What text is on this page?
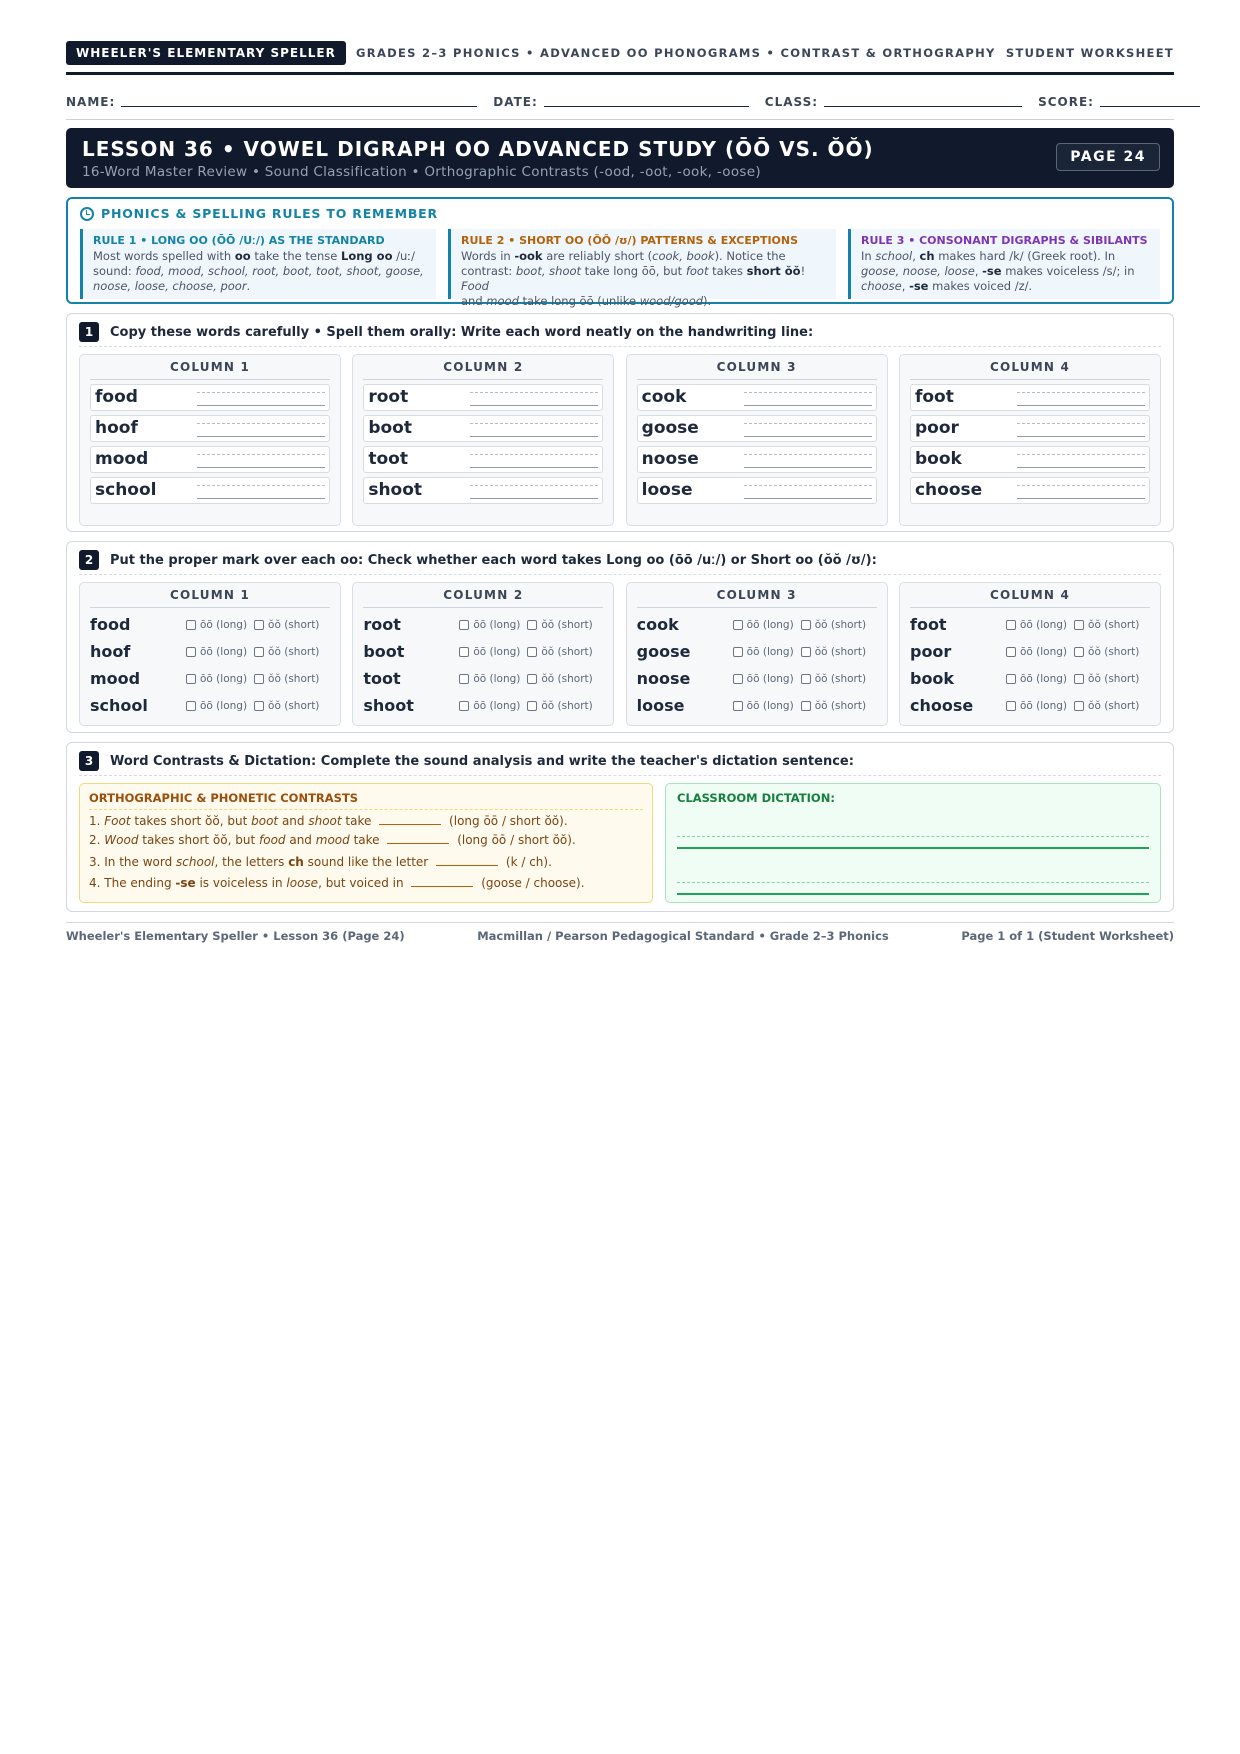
WHEELER'S ELEMENTARY SPELLER	GRADES 2–3 PHONICS • ADVANCED OO PHONOGRAMS • CONTRAST & ORTHOGRAPHY STUDENT WORKSHEET
NAME:	DATE:	CLASS:	SCORE:
LESSON 36 • VOWEL DIGRAPH OO ADVANCED STUDY (ŌŌ VS. ŎŎ)
16-Word Master Review • Sound Classification • Orthographic Contrasts (-ood, -oot, -ook, -oose)
PAGE 24
PHONICS & SPELLING RULES TO REMEMBER
RULE 1 • LONG OO (ŌŌ /Uː/) AS THE STANDARD
Most words spelled with oo take the tense Long oo /uː/
sound: food, mood, school, root, boot, toot, shoot, goose,
noose, loose, choose, poor.
RULE 2 • SHORT OO (ŎŎ /ʊ/) PATTERNS & EXCEPTIONS
Words in -ook are reliably short (cook, book). Notice the
contrast: boot, shoot take long ōō, but foot takes short ŏŏ! Food
and mood take long ōō (unlike wood/good).
RULE 3 • CONSONANT DIGRAPHS & SIBILANTS
In school, ch makes hard /k/ (Greek root). In
goose, noose, loose, -se makes voiceless /s/; in
choose, -se makes voiced /z/.
1	Copy these words carefully • Spell them orally: Write each word neatly on the handwriting line:
COLUMN 1
food
hoof
mood
school
COLUMN 2
root
boot
toot
shoot
COLUMN 3
cook
goose
noose
loose
COLUMN 4
foot
poor
book
choose
2	Put the proper mark over each oo: Check whether each word takes Long oo (ōō /uː/) or Short oo (ŏŏ /ʊ/):
COLUMN 1
food	ōō (long) ŏŏ (short)
hoof	ōō (long) ŏŏ (short)
mood	ōō (long) ŏŏ (short)
school	ōō (long) ŏŏ (short)
COLUMN 2
root	ōō (long) ŏŏ (short)
boot	ōō (long) ŏŏ (short)
toot	ōō (long) ŏŏ (short)
shoot	ōō (long) ŏŏ (short)
COLUMN 3
cook	ōō (long) ŏŏ (short)
goose	ōō (long) ŏŏ (short)
noose	ōō (long) ŏŏ (short)
loose	ōō (long) ŏŏ (short)
COLUMN 4
foot	ōō (long) ŏŏ (short)
poor	ōō (long) ŏŏ (short)
book	ōō (long) ŏŏ (short)
choose	ōō (long) ŏŏ (short)
3	Word Contrasts & Dictation: Complete the sound analysis and write the teacher's dictation sentence:
ORTHOGRAPHIC & PHONETIC CONTRASTS
1. Foot takes short ŏŏ, but boot and shoot take	(long ōō / short ŏŏ).
2. Wood takes short ŏŏ, but food and mood take	(long ōō / short ŏŏ).
3. In the word school, the letters ch sound like the letter	(k / ch).
4. The ending -se is voiceless in loose, but voiced in	(goose / choose).
CLASSROOM DICTATION:
Wheeler's Elementary Speller • Lesson 36 (Page 24)	Macmillan / Pearson Pedagogical Standard • Grade 2–3 Phonics	Page 1 of 1 (Student Worksheet)
